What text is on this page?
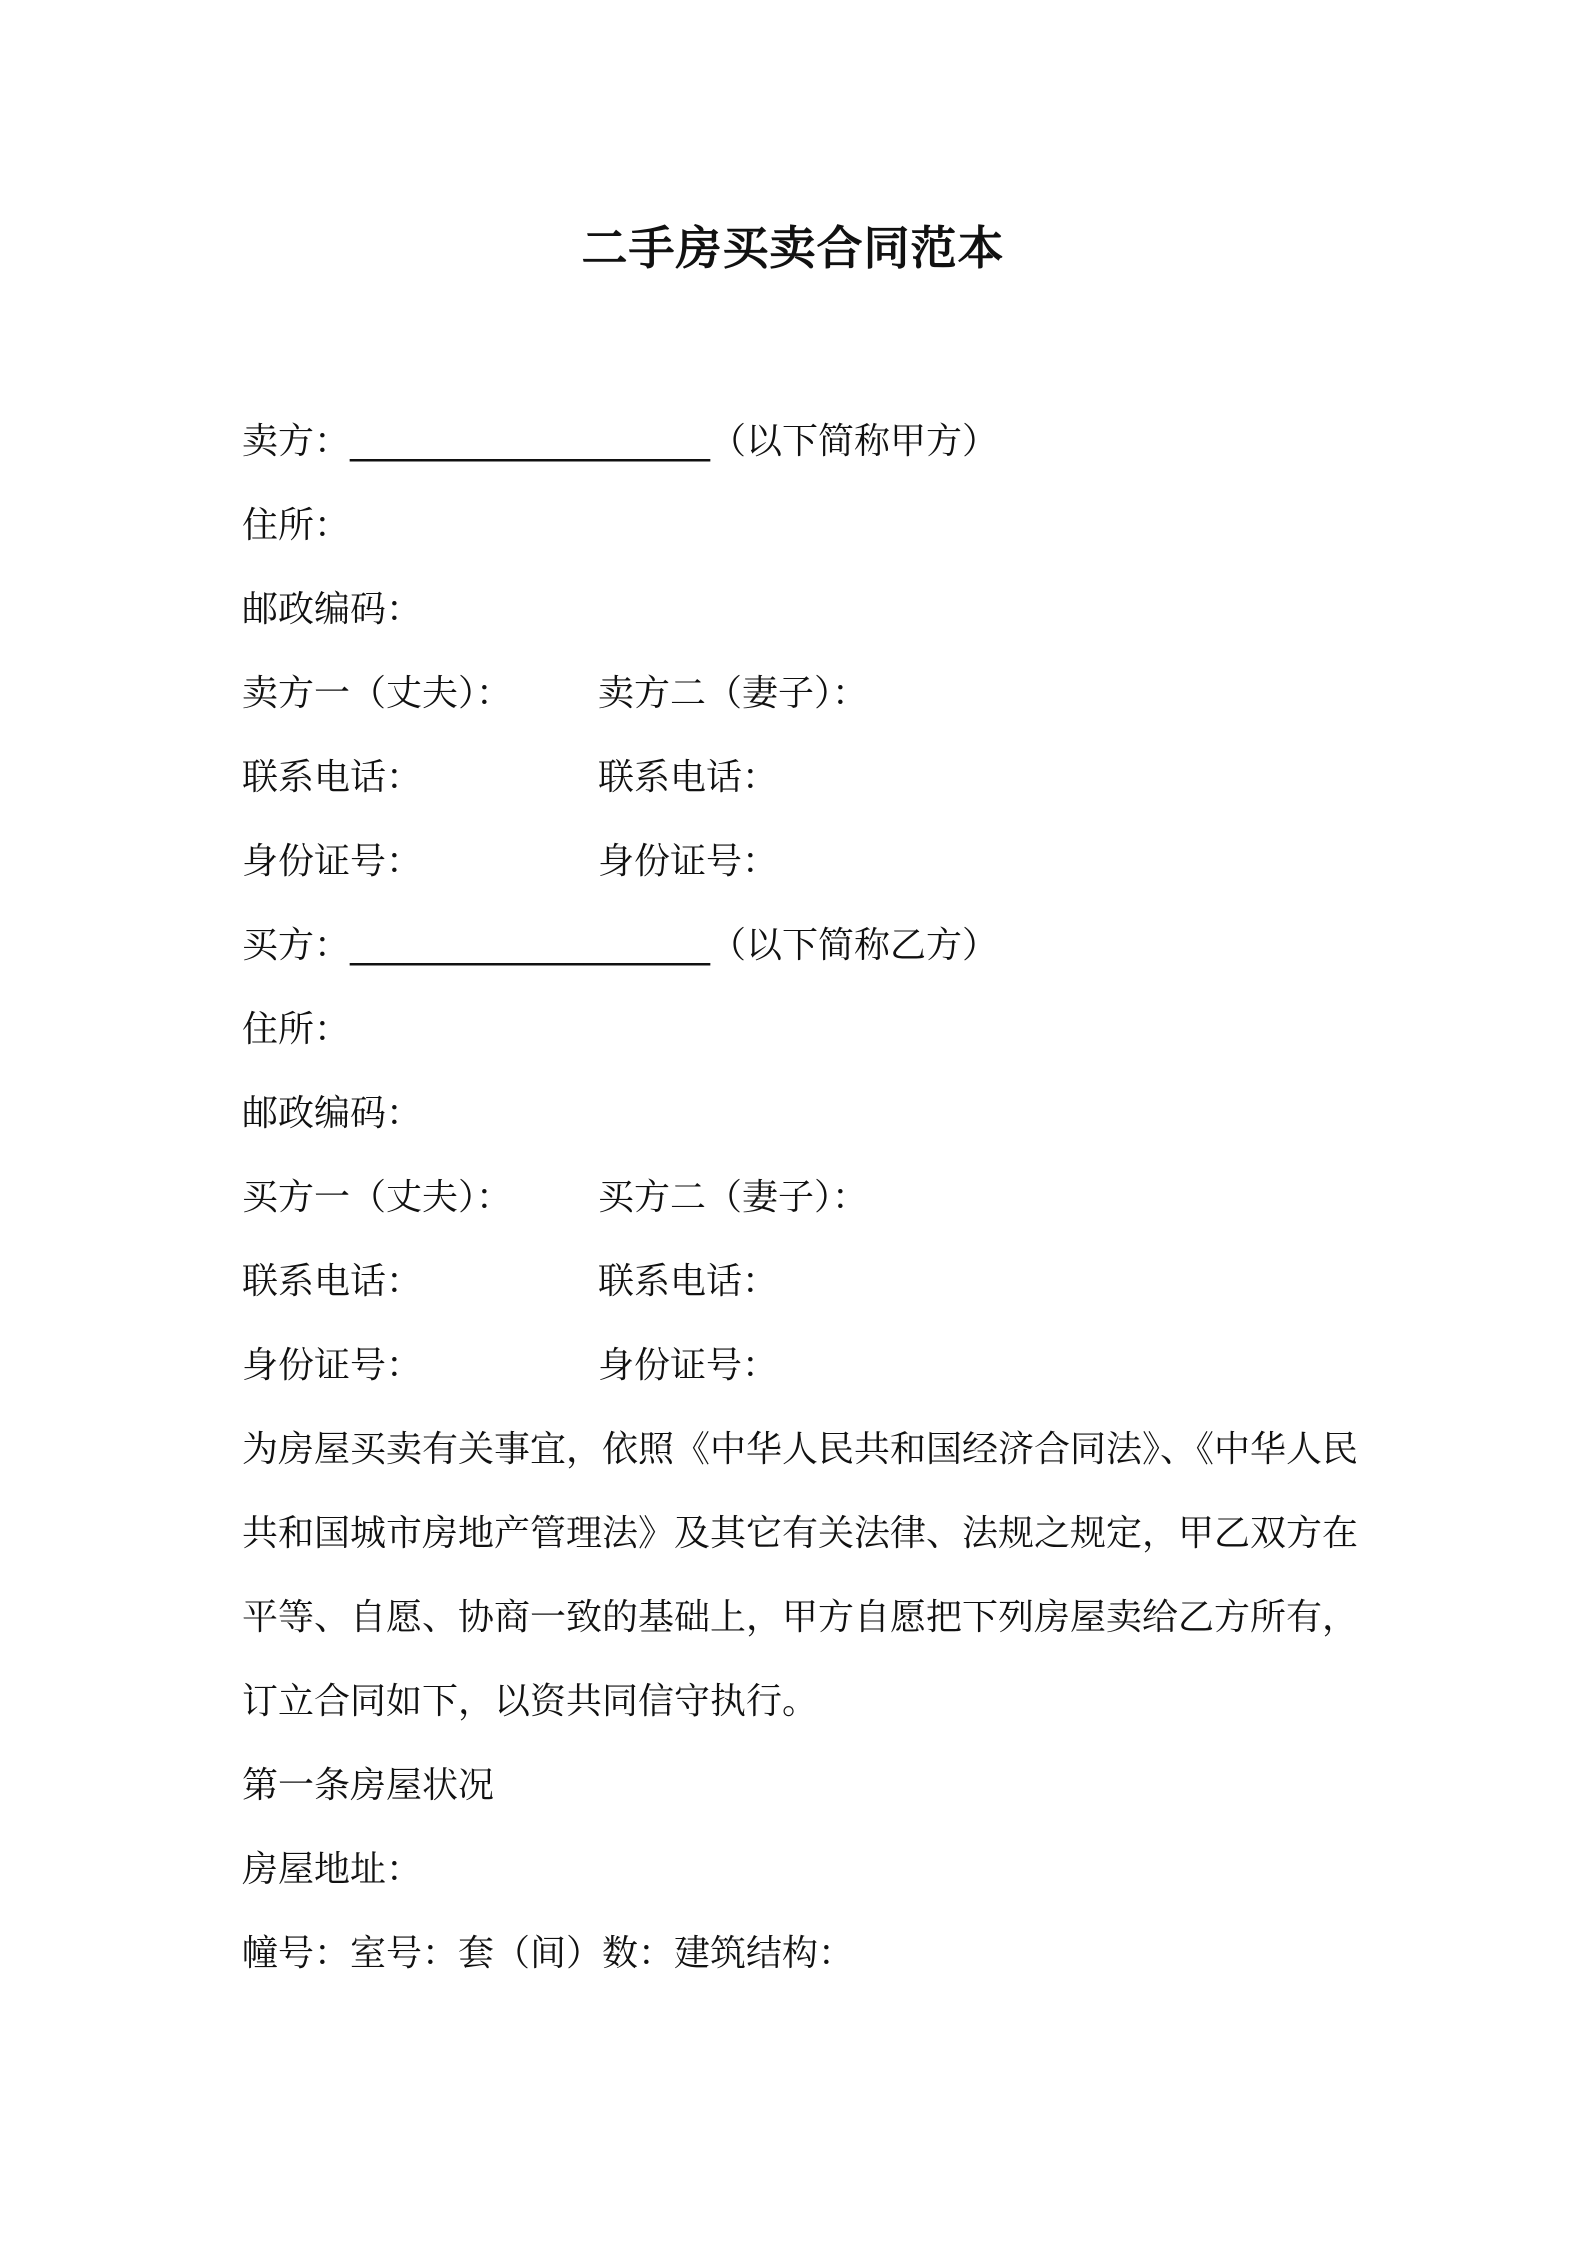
二手房买卖合同范本
卖方：____________________（以下简称甲方）
住所：
邮政编码：
卖方一（丈夫）： 卖方二（妻子）：
联系电话：	联系电话：
身份证号：	身份证号：
买方：____________________（以下简称乙方）
住所：
邮政编码：
买方一（丈夫）： 买方二（妻子）：
联系电话：	联系电话：
身份证号：	身份证号：
为房屋买卖有关事宜，依照《中华人民共和国经济合同法》、《中华人民共和国城市房地产管理法》及其它有关法律、法规之规定，甲乙双方在平等、自愿、协商一致的基础上，甲方自愿把下列房屋卖给乙方所有，订立合同如下，以资共同信守执行。
第一条房屋状况
房屋地址：
幢号：室号：套（间）数：建筑结构：
